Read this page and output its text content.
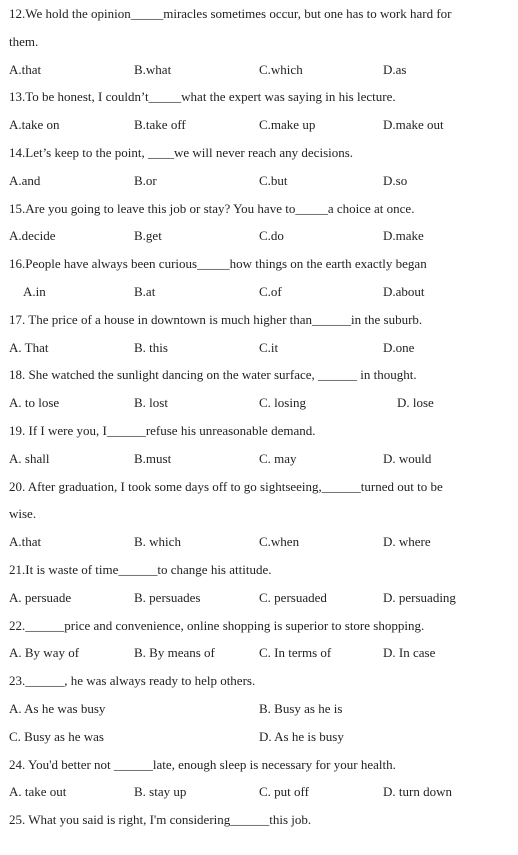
12.We hold the opinion_____miracles sometimes occur, but one has to work hard for
them.
A.that	B.what	C.which	D.as
13.To be honest, I couldn’t_____what the expert was saying in his lecture.
A.take on	B.take off	C.make up	D.make out
14.Let’s keep to the point, ____we will never reach any decisions.
A.and	B.or	C.but	D.so
15.Are you going to leave this job or stay? You have to_____a choice at once.
A.decide	B.get	C.do	D.make
16.People have always been curious_____how things on the earth exactly began
A.in	B.at	C.of	D.about
17. The price of a house in downtown is much higher than______in the suburb.
A. That	B. this	C.it	D.one
18. She watched the sunlight dancing on the water surface, ______ in thought.
A. to lose	B. lost	C. losing	D. lose
19. If I were you, I______refuse his unreasonable demand.
A. shall	B.must	C. may	D. would
20. After graduation, I took some days off to go sightseeing,______turned out to be
wise.
A.that	B. which	C.when	D. where
21.It is waste of time______to change his attitude.
A. persuade	B. persuades	C. persuaded	D. persuading
22.______price and convenience, online shopping is superior to store shopping.
A. By way of	B. By means of	C. In terms of	D. In case
23.______, he was always ready to help others.
A. As he was busy	B. Busy as he is
C. Busy as he was	D. As he is busy
24. You'd better not ______late, enough sleep is necessary for your health.
A. take out	B. stay up	C. put off	D. turn down
25. What you said is right, I'm considering______this job.
